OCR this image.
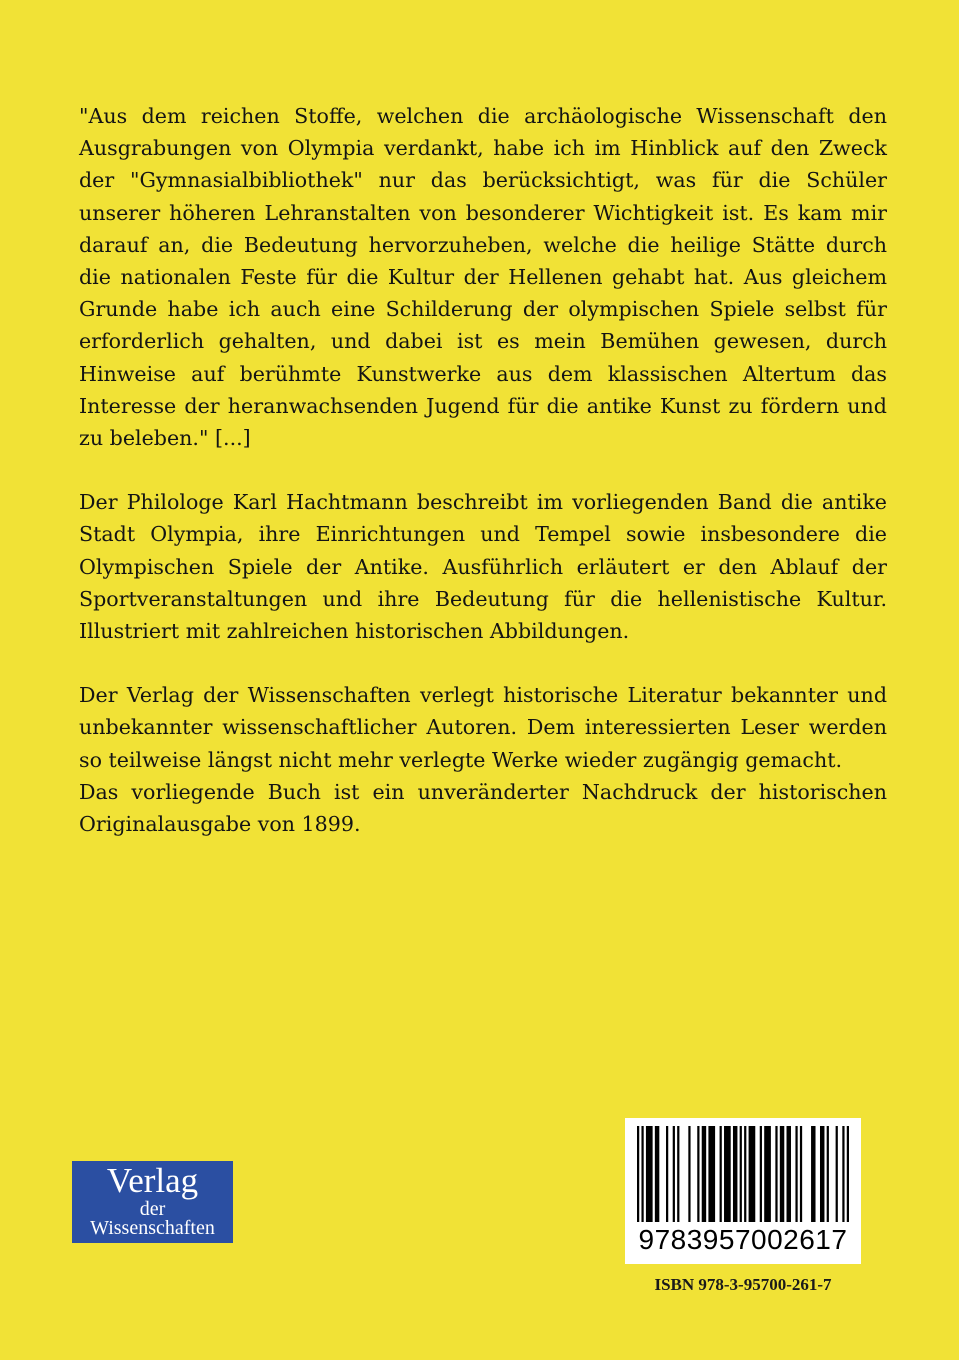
"Aus dem reichen Stoffe, welchen die archäologische Wissenschaft den Ausgrabungen von Olympia verdankt, habe ich im Hinblick auf den Zweck der "Gymnasialbibliothek" nur das berücksichtigt, was für die Schüler unserer höheren Lehranstalten von besonderer Wichtigkeit ist. Es kam mir darauf an, die Bedeutung hervorzuheben, welche die heilige Stätte durch die nationalen Feste für die Kultur der Hellenen gehabt hat. Aus gleichem Grunde habe ich auch eine Schilderung der olympischen Spiele selbst für erforderlich gehalten, und dabei ist es mein Bemühen gewesen, durch Hinweise auf berühmte Kunstwerke aus dem klassischen Altertum das Interesse der heranwachsenden Jugend für die antike Kunst zu fördern und zu beleben." [...]

Der Philologe Karl Hachtmann beschreibt im vorliegenden Band die antike Stadt Olympia, ihre Einrichtungen und Tempel sowie insbesondere die Olympischen Spiele der Antike. Ausführlich erläutert er den Ablauf der Sportveranstaltungen und ihre Bedeutung für die hellenistische Kultur. Illustriert mit zahlreichen historischen Abbildungen.

Der Verlag der Wissenschaften verlegt historische Literatur bekannter und unbekannter wissenschaftlicher Autoren. Dem interessierten Leser werden so teilweise längst nicht mehr verlegte Werke wieder zugängig gemacht.

Das vorliegende Buch ist ein unveränderter Nachdruck der historischen Originalausgabe von 1899.

Verlag
der
Wissenschaften	9783957002617
ISBN 978-3-95700-261-7
